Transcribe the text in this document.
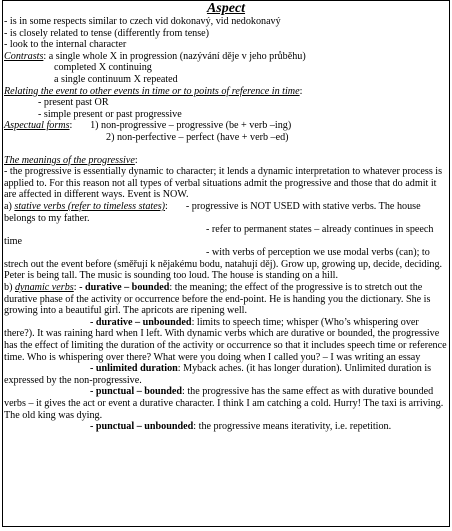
Aspect
- is in some respects similar to czech vid dokonavý, vid nedokonavý
- is closely related to tense (differently from tense)
- look to the internal character
Contrasts: a single whole X in progression (nazývání děje v jeho průběhu)
completed X continuing
a single continuum X repeated
Relating the event to other events in time or to points of reference in time:
- present past OR
- simple present or past progressive
Aspectual forms:       1) non-progressive – progressive (be + verb –ing)
2) non-perfective – perfect (have + verb –ed)
The meanings of the progressive:
- the progressive is essentially dynamic to character; it lends a dynamic interpretation to whatever process is applied to. For this reason not all types of verbal situations admit the progressive and those that do admit it are affected in different ways. Event is NOW.
a) stative verbs (refer to timeless states): - progressive is NOT USED with stative verbs. The house belongs to my father.
- refer to permanent states – already continues in speech time
- with verbs of perception we use modal verbs (can); to strech out the event before (směřují k nějakému bodu, natahují děj). Grow up, growing up, decide, deciding. Peter is being tall. The music is sounding too loud. The house is standing on a hill.
b) dynamic verbs: - durative – bounded: the meaning; the effect of the progressive is to stretch out the durative phase of the activity or occurrence before the end-point. He is handing you the dictionary. She is growing into a beautiful girl. The apricots are ripening well.
- durative – unbounded: limits to speech time; whisper (Who’s whispering over there?). It was raining hard when I left. With dynamic verbs which are durative or bounded, the progressive has the effect of limiting the duration of the activity or occurrence so that it includes speech time or reference time. Who is whispering over there? What were you doing when I called you? – I was writing an essay
- unlimited duration: Myback aches. (it has longer duration). Unlimited duration is expressed by the non-progressive.
- punctual – bounded: the progressive has the same effect as with durative bounded verbs – it gives the act or event a durative character. I think I am catching a cold. Hurry! The taxi is arriving. The old king was dying.
- punctual – unbounded: the progressive means iterativity, i.e. repetition.
